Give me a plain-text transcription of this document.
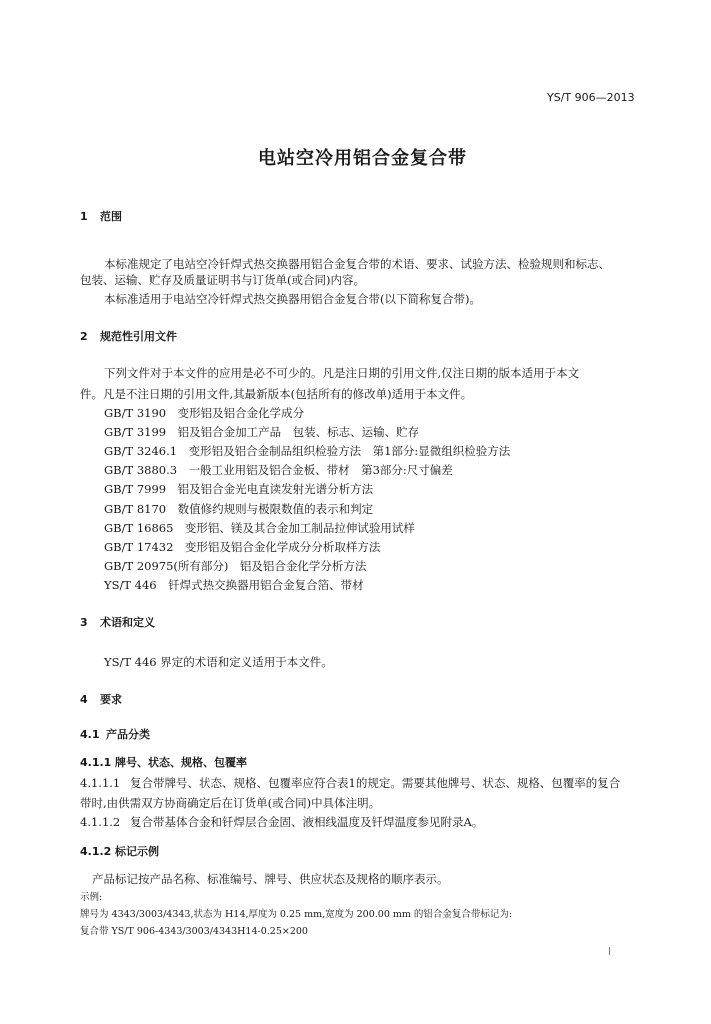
YS/T 906—2013
电站空冷用铝合金复合带
1 范围
本标准规定了电站空冷钎焊式热交换器用铝合金复合带的术语、要求、试验方法、检验规则和标志、
包装、运输、贮存及质量证明书与订货单(或合同)内容。
本标准适用于电站空冷钎焊式热交换器用铝合金复合带(以下简称复合带)。
2 规范性引用文件
下列文件对于本文件的应用是必不可少的。凡是注日期的引用文件,仅注日期的版本适用于本文
件。凡是不注日期的引用文件,其最新版本(包括所有的修改单)适用于本文件。
GB/T 3190　变形铝及铝合金化学成分
GB/T 3199　铝及铝合金加工产品　包装、标志、运输、贮存
GB/T 3246.1　变形铝及铝合金制品组织检验方法　第1部分:显微组织检验方法
GB/T 3880.3　一般工业用铝及铝合金板、带材　第3部分:尺寸偏差
GB/T 7999　铝及铝合金光电直读发射光谱分析方法
GB/T 8170　数值修约规则与极限数值的表示和判定
GB/T 16865　变形铝、镁及其合金加工制品拉伸试验用试样
GB/T 17432　变形铝及铝合金化学成分分析取样方法
GB/T 20975(所有部分)　铝及铝合金化学分析方法
YS/T 446　钎焊式热交换器用铝合金复合箔、带材
3 术语和定义
YS/T 446 界定的术语和定义适用于本文件。
4 要求
4.1 产品分类
4.1.1 牌号、状态、规格、包覆率
4.1.1.1 复合带牌号、状态、规格、包覆率应符合表1的规定。需要其他牌号、状态、规格、包覆率的复合
带时,由供需双方协商确定后在订货单(或合同)中具体注明。
4.1.1.2 复合带基体合金和钎焊层合金固、液相线温度及钎焊温度参见附录A。
4.1.2 标记示例
产品标记按产品名称、标准编号、牌号、供应状态及规格的顺序表示。
示例:
牌号为 4343/3003/4343,状态为 H14,厚度为 0.25 mm,宽度为 200.00 mm 的铝合金复合带标记为:
复合带 YS/T 906-4343/3003/4343H14-0.25×200
